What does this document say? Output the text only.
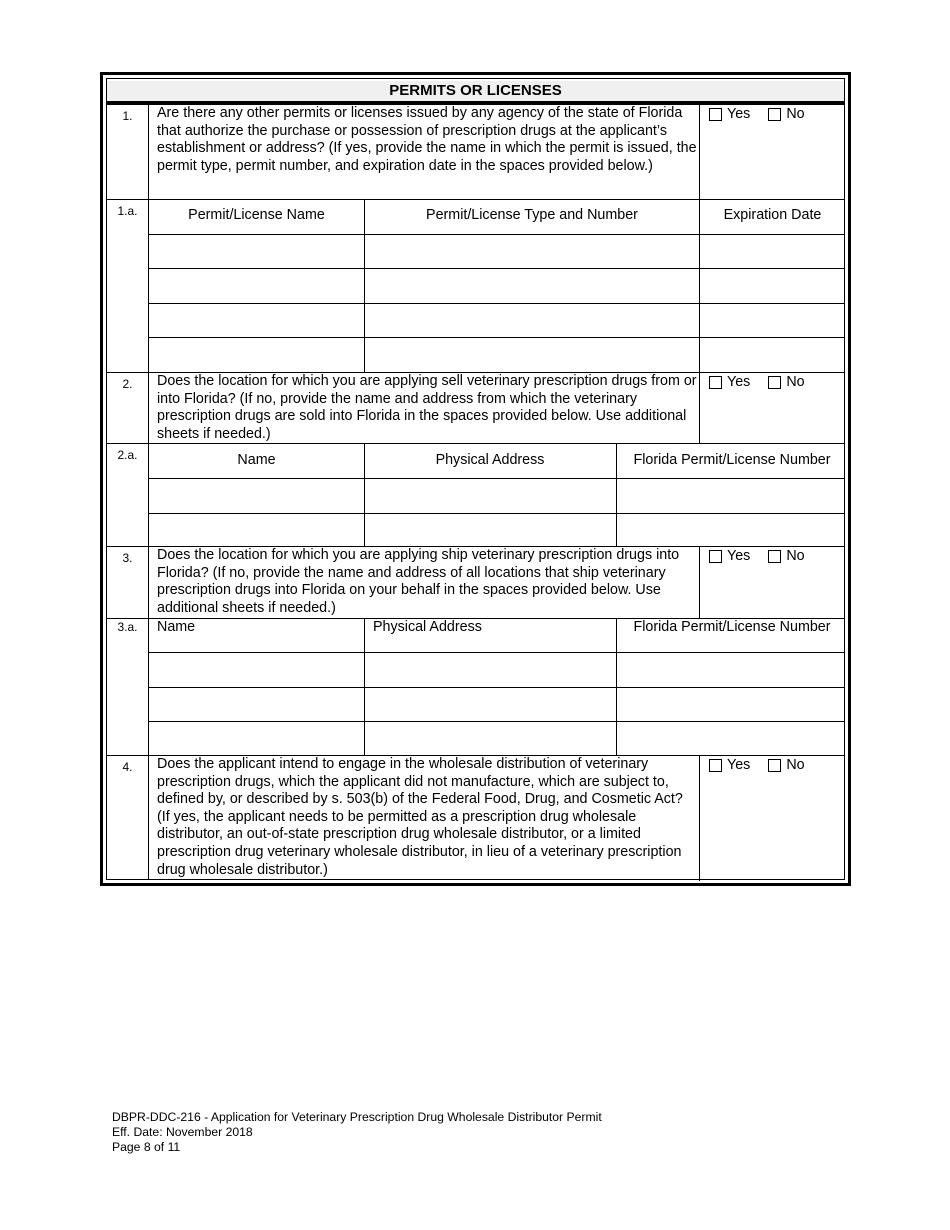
PERMITS OR LICENSES
1.	Are there any other permits or licenses issued by any agency of the state of Florida that authorize the purchase or possession of prescription drugs at the applicant’s establishment or address? (If yes, provide the name in which the permit is issued, the permit type, permit number, and expiration date in the spaces provided below.)
Yes	No
1.a.	Permit/License Name	Permit/License Type and Number	Expiration Date
2.	Does the location for which you are applying sell veterinary prescription drugs from or into Florida? (If no, provide the name and address from which the veterinary prescription drugs are sold into Florida in the spaces provided below. Use additional sheets if needed.)
Yes	No
2.a.	Name	Physical Address	Florida Permit/License Number
3.	Does the location for which you are applying ship veterinary prescription drugs into Florida? (If no, provide the name and address of all locations that ship veterinary prescription drugs into Florida on your behalf in the spaces provided below. Use additional sheets if needed.)
Yes	No
3.a.	Name	Physical Address	Florida Permit/License Number
4.	Does the applicant intend to engage in the wholesale distribution of veterinary prescription drugs, which the applicant did not manufacture, which are subject to, defined by, or described by s. 503(b) of the Federal Food, Drug, and Cosmetic Act? (If yes, the applicant needs to be permitted as a prescription drug wholesale distributor, an out-of-state prescription drug wholesale distributor, or a limited prescription drug veterinary wholesale distributor, in lieu of a veterinary prescription drug wholesale distributor.)
Yes	No
DBPR-DDC-216 - Application for Veterinary Prescription Drug Wholesale Distributor Permit
Eff. Date: November 2018
Page 8 of 11
